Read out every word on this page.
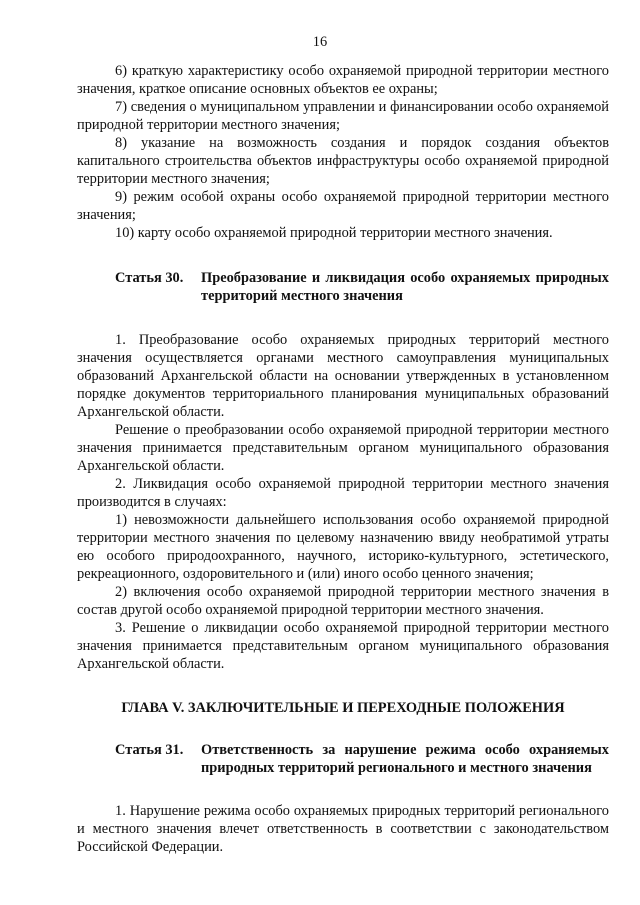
16

6) краткую характеристику особо охраняемой природной территории местного значения, краткое описание основных объектов ее охраны;

7) сведения о муниципальном управлении и финансировании особо охраняемой природной территории местного значения;

8) указание на возможность создания и порядок создания объектов капитального строительства объектов инфраструктуры особо охраняемой природной территории местного значения;

9) режим особой охраны особо охраняемой природной территории местного значения;

10) карту особо охраняемой природной территории местного значения.

Статья 30.	Преобразование и ликвидация особо охраняемых природных территорий местного значения

1. Преобразование особо охраняемых природных территорий местного значения осуществляется органами местного самоуправления муниципальных образований Архангельской области на основании утвержденных в установленном порядке документов территориального планирования муниципальных образований Архангельской области.

Решение о преобразовании особо охраняемой природной территории местного значения принимается представительным органом муниципального образования Архангельской области.

2. Ликвидация особо охраняемой природной территории местного значения производится в случаях:

1) невозможности дальнейшего использования особо охраняемой природной территории местного значения по целевому назначению ввиду необратимой утраты ею особого природоохранного, научного, историко-культурного, эстетического, рекреационного, оздоровительного и (или) иного особо ценного значения;

2) включения особо охраняемой природной территории местного значения в состав другой особо охраняемой природной территории местного значения.

3. Решение о ликвидации особо охраняемой природной территории местного значения принимается представительным органом муниципального образования Архангельской области.

ГЛАВА V. ЗАКЛЮЧИТЕЛЬНЫЕ И ПЕРЕХОДНЫЕ ПОЛОЖЕНИЯ

Статья 31.	Ответственность за нарушение режима особо охраняемых природных территорий регионального и местного значения

1. Нарушение режима особо охраняемых природных территорий регионального и местного значения влечет ответственность в соответствии с законодательством Российской Федерации.
